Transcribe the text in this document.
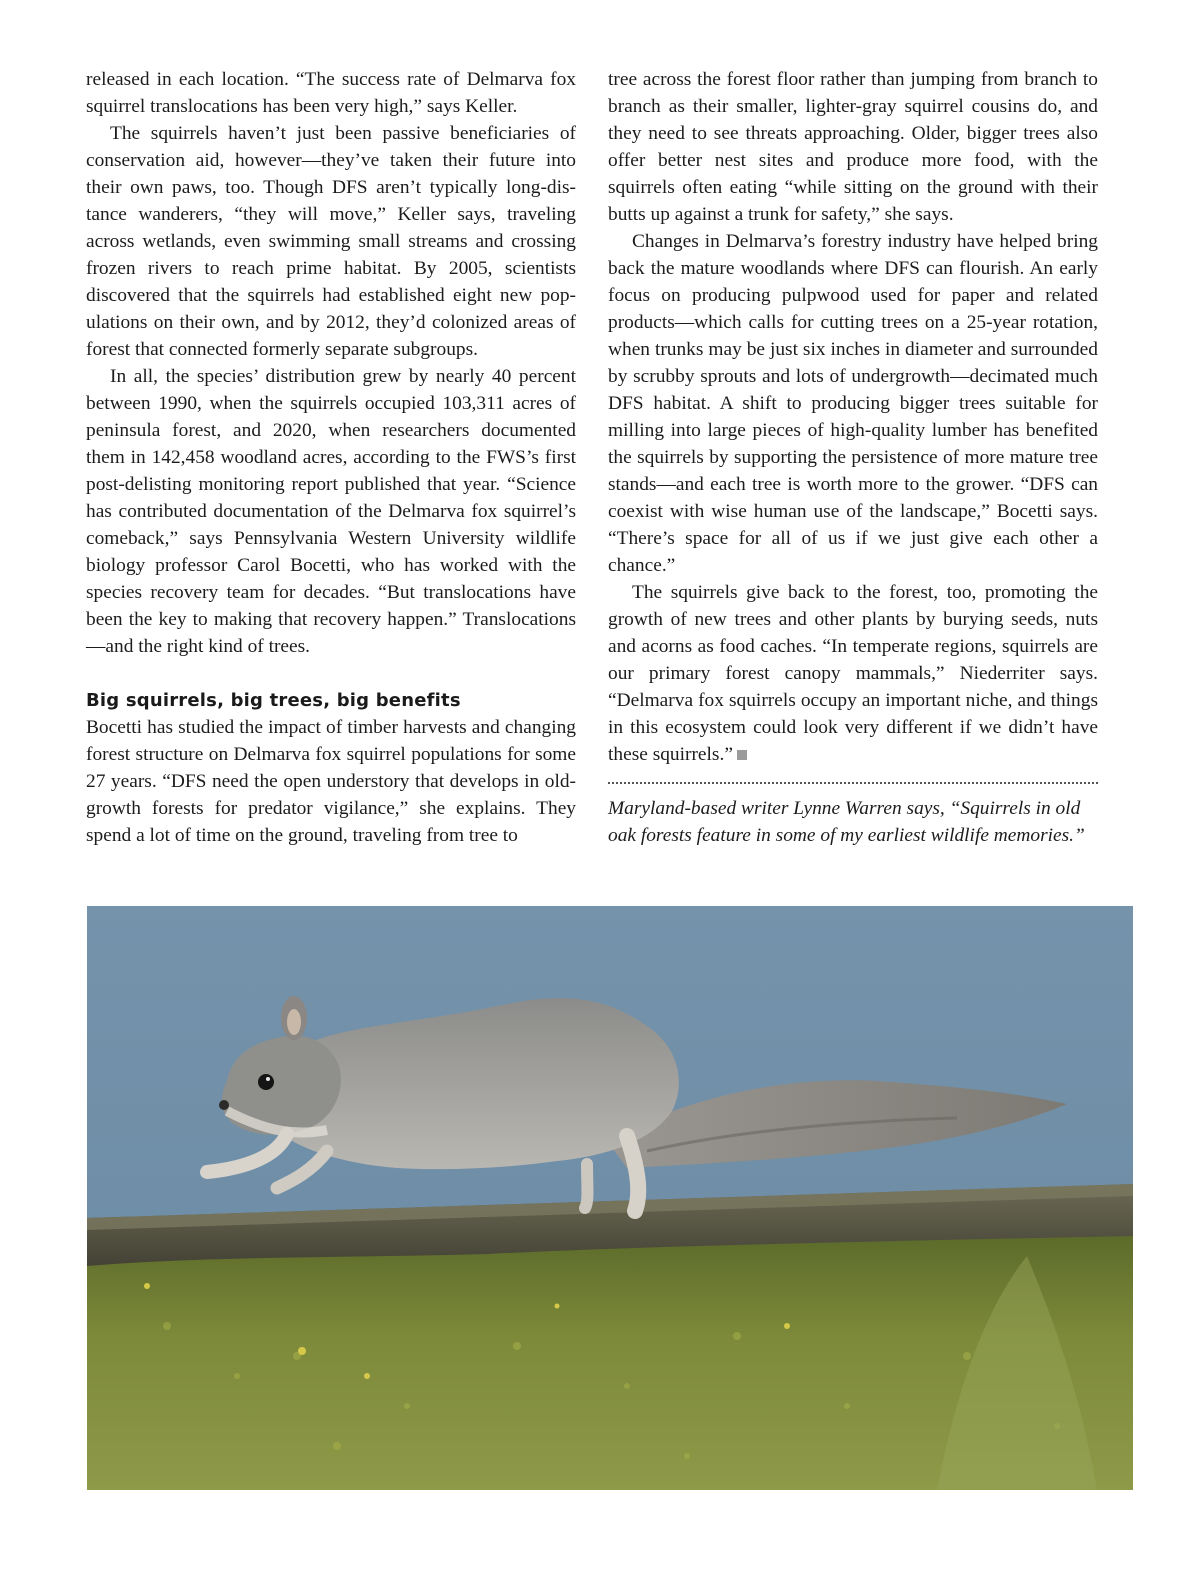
released in each location. “The success rate of Delmarva fox squirrel translocations has been very high,” says Keller.

The squirrels haven’t just been passive beneficiaries of conservation aid, however—they’ve taken their future into their own paws, too. Though DFS aren’t typically long-distance wanderers, “they will move,” Keller says, traveling across wetlands, even swimming small streams and crossing frozen rivers to reach prime habitat. By 2005, scientists discovered that the squirrels had established eight new populations on their own, and by 2012, they’d colonized areas of forest that connected formerly separate subgroups.

In all, the species’ distribution grew by nearly 40 percent between 1990, when the squirrels occupied 103,311 acres of peninsula forest, and 2020, when researchers documented them in 142,458 woodland acres, according to the FWS’s first post-delisting monitoring report published that year. “Science has contributed documentation of the Delmarva fox squirrel’s comeback,” says Pennsylvania Western University wildlife biology professor Carol Bocetti, who has worked with the species recovery team for decades. “But translocations have been the key to making that recovery happen.” Translocations—and the right kind of trees.

Big squirrels, big trees, big benefits

Bocetti has studied the impact of timber harvests and changing forest structure on Delmarva fox squirrel populations for some 27 years. “DFS need the open understory that develops in old-growth forests for predator vigilance,” she explains. They spend a lot of time on the ground, traveling from tree to

tree across the forest floor rather than jumping from branch to branch as their smaller, lighter-gray squirrel cousins do, and they need to see threats approaching. Older, bigger trees also offer better nest sites and produce more food, with the squirrels often eating “while sitting on the ground with their butts up against a trunk for safety,” she says.

Changes in Delmarva’s forestry industry have helped bring back the mature woodlands where DFS can flourish. An early focus on producing pulpwood used for paper and related products—which calls for cutting trees on a 25-year rotation, when trunks may be just six inches in diameter and surrounded by scrubby sprouts and lots of undergrowth—decimated much DFS habitat. A shift to producing bigger trees suitable for milling into large pieces of high-quality lumber has benefited the squirrels by supporting the persistence of more mature tree stands—and each tree is worth more to the grower. “DFS can coexist with wise human use of the landscape,” Bocetti says. “There’s space for all of us if we just give each other a chance.”

The squirrels give back to the forest, too, promoting the growth of new trees and other plants by burying seeds, nuts and acorns as food caches. “In temperate regions, squirrels are our primary forest canopy mammals,” Niederriter says. “Delmarva fox squirrels occupy an important niche, and things in this ecosystem could look very different if we didn’t have these squirrels.”

Maryland-based writer Lynne Warren says, “Squirrels in old oak forests feature in some of my earliest wildlife memories.”
